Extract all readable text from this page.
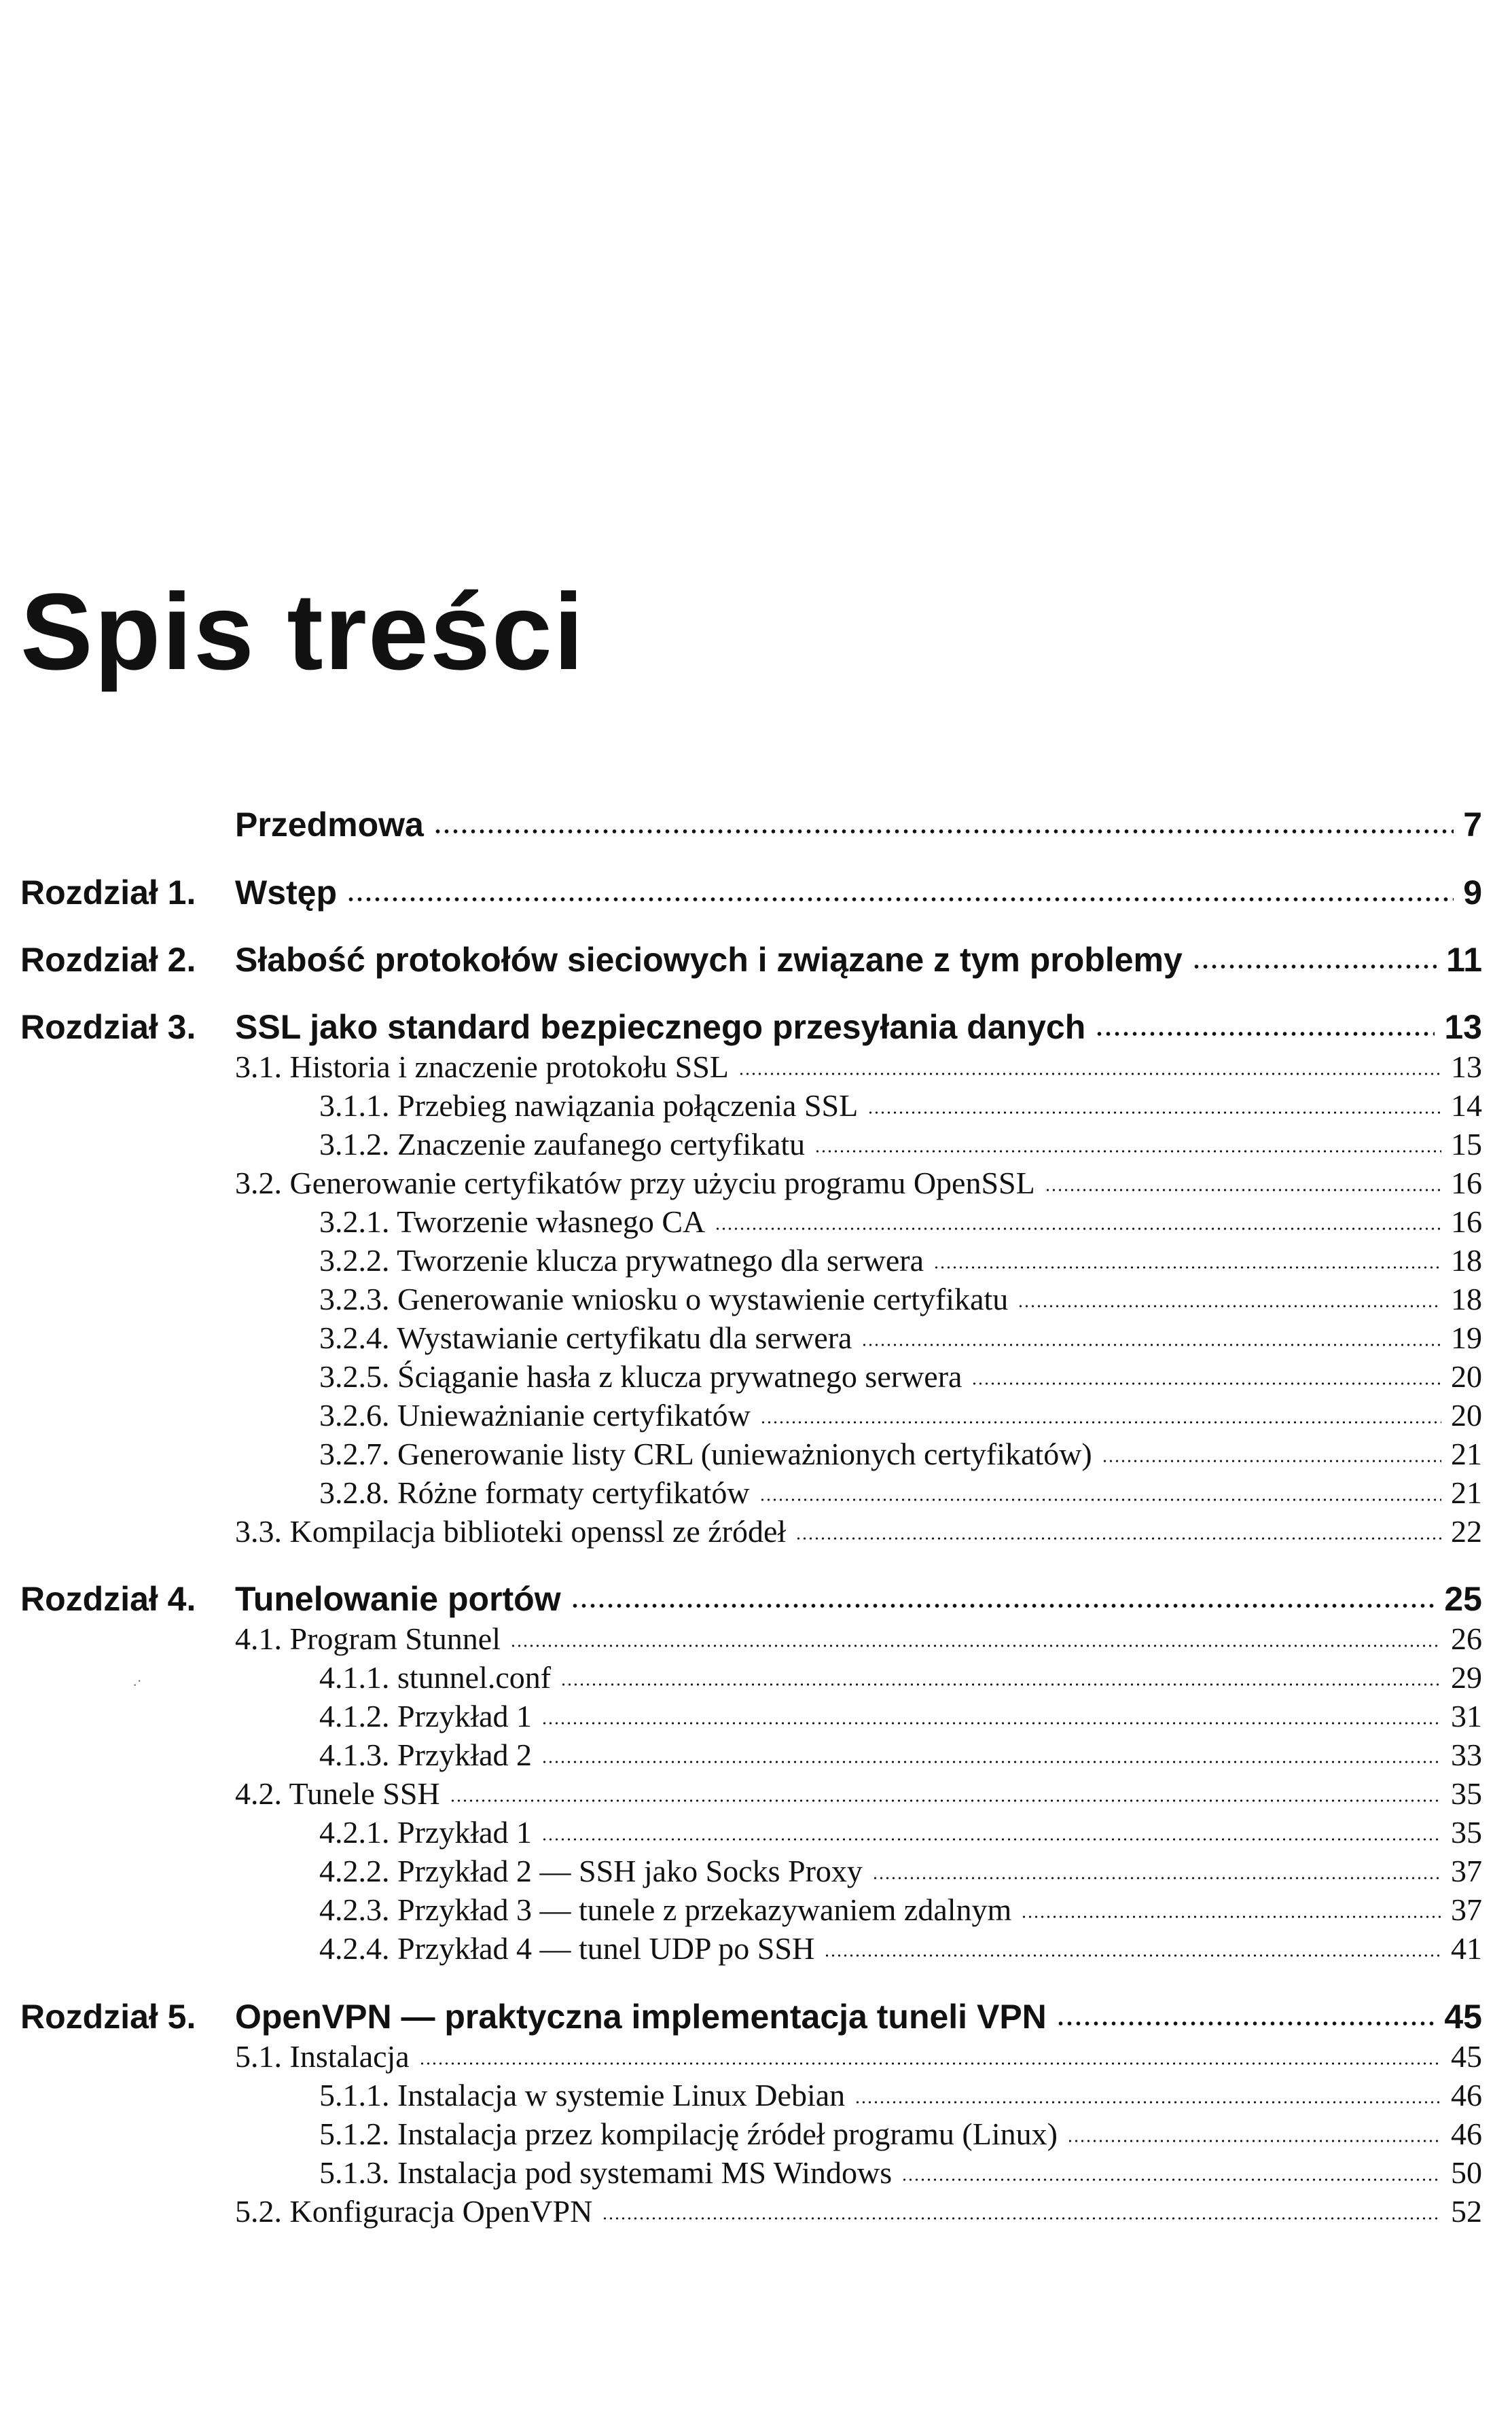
Spis treści
Przedmowa	7
Rozdział 1. Wstęp	9
Rozdział 2. Słabość protokołów sieciowych i związane z tym problemy	11
Rozdział 3. SSL jako standard bezpiecznego przesyłania danych	13
3.1. Historia i znaczenie protokołu SSL	13
3.1.1. Przebieg nawiązania połączenia SSL	14
3.1.2. Znaczenie zaufanego certyfikatu	15
3.2. Generowanie certyfikatów przy użyciu programu OpenSSL	16
3.2.1. Tworzenie własnego CA	16
3.2.2. Tworzenie klucza prywatnego dla serwera	18
3.2.3. Generowanie wniosku o wystawienie certyfikatu	18
3.2.4. Wystawianie certyfikatu dla serwera	19
3.2.5. Ściąganie hasła z klucza prywatnego serwera	20
3.2.6. Unieważnianie certyfikatów	20
3.2.7. Generowanie listy CRL (unieważnionych certyfikatów)	21
3.2.8. Różne formaty certyfikatów	21
3.3. Kompilacja biblioteki openssl ze źródeł	22
Rozdział 4. Tunelowanie portów	25
4.1. Program Stunnel	26
4.1.1. stunnel.conf	29
4.1.2. Przykład 1	31
4.1.3. Przykład 2	33
4.2. Tunele SSH	35
4.2.1. Przykład 1	35
4.2.2. Przykład 2 — SSH jako Socks Proxy	37
4.2.3. Przykład 3 — tunele z przekazywaniem zdalnym	37
4.2.4. Przykład 4 — tunel UDP po SSH	41
Rozdział 5. OpenVPN — praktyczna implementacja tuneli VPN	45
5.1. Instalacja	45
5.1.1. Instalacja w systemie Linux Debian	46
5.1.2. Instalacja przez kompilację źródeł programu (Linux)	46
5.1.3. Instalacja pod systemami MS Windows	50
5.2. Konfiguracja OpenVPN	52
.·
